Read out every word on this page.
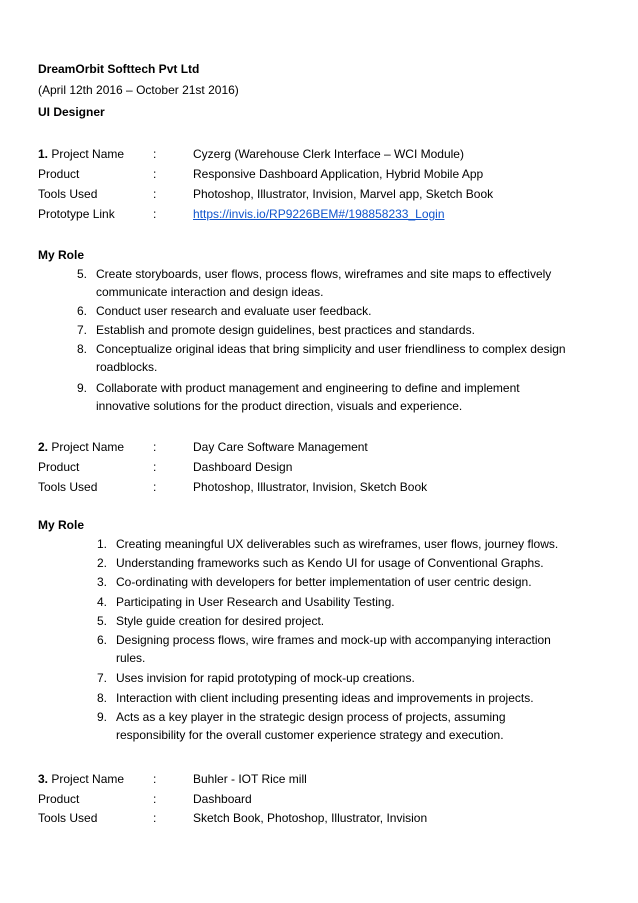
DreamOrbit Softtech Pvt Ltd
(April 12th 2016 – October 21st 2016)
UI Designer
1. Project Name :	Cyzerg (Warehouse Clerk Interface – WCI Module)
Product	:	Responsive Dashboard Application, Hybrid Mobile App
Tools Used	:	Photoshop, Illustrator, Invision, Marvel app, Sketch Book
Prototype Link	:	https://invis.io/RP9226BEM#/198858233_Login
My Role
5. Create storyboards, user flows, process flows, wireframes and site maps to effectively
communicate interaction and design ideas.
6. Conduct user research and evaluate user feedback.
7. Establish and promote design guidelines, best practices and standards.
8. Conceptualize original ideas that bring simplicity and user friendliness to complex design
roadblocks.
9. Collaborate with product management and engineering to define and implement
innovative solutions for the product direction, visuals and experience.
2. Project Name :	Day Care Software Management
Product	:	Dashboard Design
Tools Used	:	Photoshop, Illustrator, Invision, Sketch Book
My Role
1. Creating meaningful UX deliverables such as wireframes, user flows, journey flows.
2. Understanding frameworks such as Kendo UI for usage of Conventional Graphs.
3. Co-ordinating with developers for better implementation of user centric design.
4. Participating in User Research and Usability Testing.
5. Style guide creation for desired project.
6. Designing process flows, wire frames and mock-up with accompanying interaction
rules.
7. Uses invision for rapid prototyping of mock-up creations.
8. Interaction with client including presenting ideas and improvements in projects.
9. Acts as a key player in the strategic design process of projects, assuming
responsibility for the overall customer experience strategy and execution.
3. Project Name :	Buhler - IOT Rice mill
Product	:	Dashboard
Tools Used	:	Sketch Book, Photoshop, Illustrator, Invision
